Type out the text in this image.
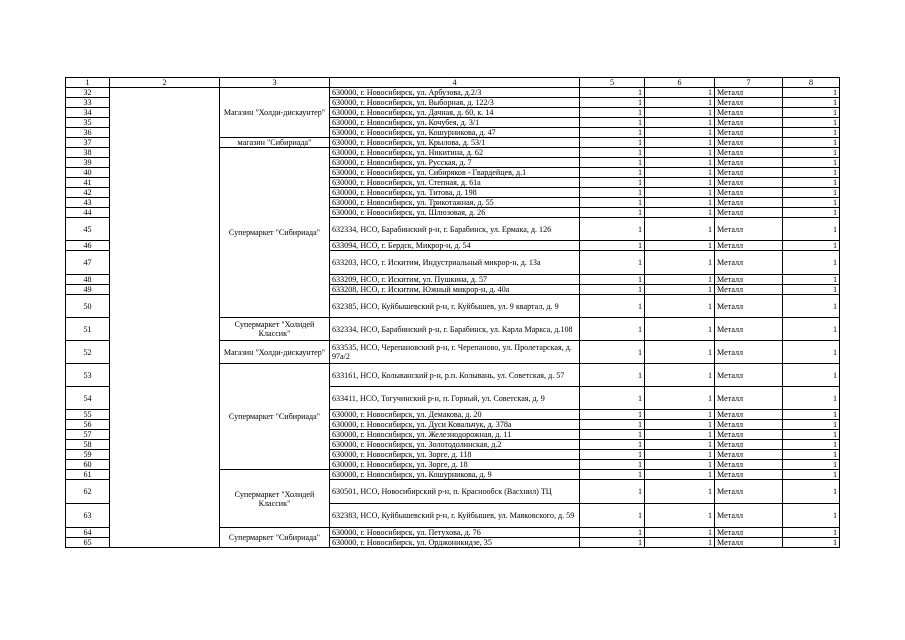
1	2	3	4	5	6	7	8
32		Магазин "Холди-дискаунтер"	630000, г. Новосибирск, ул. Арбузова, д.2/3	1	1	Металл	1
33			630000, г. Новосибирск, ул. Выборная, д. 122/3	1	1	Металл	1
34			630000, г. Новосибирск, ул. Дачная, д. 60, к. 14	1	1	Металл	1
35			630000, г. Новосибирск, ул. Кочубея, д. 3/1	1	1	Металл	1
36			630000, г. Новосибирск, ул. Кошурникова, д. 47	1	1	Металл	1
37		магазин "Сибириада"	630000, г. Новосибирск, ул. Крылова, д. 53/1	1	1	Металл	1
38		Супермаркет "Сибириада"	630000, г. Новосибирск, ул. Никитина, д. 62	1	1	Металл	1
39			630000, г. Новосибирск, ул. Русская, д. 7	1	1	Металл	1
40			630000, г. Новосибирск, ул. Сибиряков - Гвардейцев, д.1	1	1	Металл	1
41			630000, г. Новосибирск, ул. Степная, д. 61а	1	1	Металл	1
42			630000, г. Новосибирск, ул. Титова, д. 198	1	1	Металл	1
43			630000, г. Новосибирск, ул. Трикотажная, д. 55	1	1	Металл	1
44			630000, г. Новосибирск, ул. Шлюзовая, д. 26	1	1	Металл	1
45			632334, НСО, Барабинский р-н, г. Барабинск, ул. Ермака, д. 126	1	1	Металл	1
46			633094, НСО, г. Бердск, Микрор-н, д. 54	1	1	Металл	1
47			633203, НСО, г. Искитим, Индустриальный микрор-н, д. 13а	1	1	Металл	1
48			633209, НСО, г. Искитим, ул. Пушкина, д. 57	1	1	Металл	1
49			633208, НСО, г. Искитим, Южный микрор-н, д. 40а	1	1	Металл	1
50			632385, НСО, Куйбышевский р-н, г. Куйбышев, ул. 9 квартал, д. 9	1	1	Металл	1
51		Супермаркет "Холидей Классик"	632334, НСО, Барабинский р-н, г. Барабинск, ул. Карла Маркса, д.108	1	1	Металл	1
52		Магазин "Холди-дискаунтер"	633535, НСО, Черепановский р-н, г. Черепаново, ул. Пролетарская, д. 97а/2	1	1	Металл	1
53		Супермаркет "Сибириада"	633161, НСО, Колыванский р-н, р.п. Колывань, ул. Советская, д. 57	1	1	Металл	1
54			633411, НСО, Тогучинский р-н, п. Горный, ул. Советская, д. 9	1	1	Металл	1
55			630000, г. Новосибирск, ул. Демакова, д. 20	1	1	Металл	1
56			630000, г. Новосибирск, ул. Дуси Ковальчук, д. 378а	1	1	Металл	1
57			630000, г. Новосибирск, ул. Железнодорожная, д. 11	1	1	Металл	1
58			630000, г. Новосибирск, ул. Золотодолинская, д.2	1	1	Металл	1
59			630000, г. Новосибирск, ул. Зорге, д. 118	1	1	Металл	1
60			630000, г. Новосибирск, ул. Зорге, д. 18	1	1	Металл	1
61		Супермаркет "Холидей Классик"	630000, г. Новосибирск, ул. Кошурникова, д. 9	1	1	Металл	1
62			630501, НСО, Новосибирский р-н, п. Краснообск (Васхнил) ТЦ	1	1	Металл	1
63			632383, НСО, Куйбышевский р-н, г. Куйбышев, ул. Маяковского, д. 59	1	1	Металл	1
64		Супермаркет "Сибириада"	630000, г. Новосибирск, ул. Петухова, д. 76	1	1	Металл	1
65			630000, г. Новосибирск, ул. Орджоникидзе, 35	1	1	Металл	1
